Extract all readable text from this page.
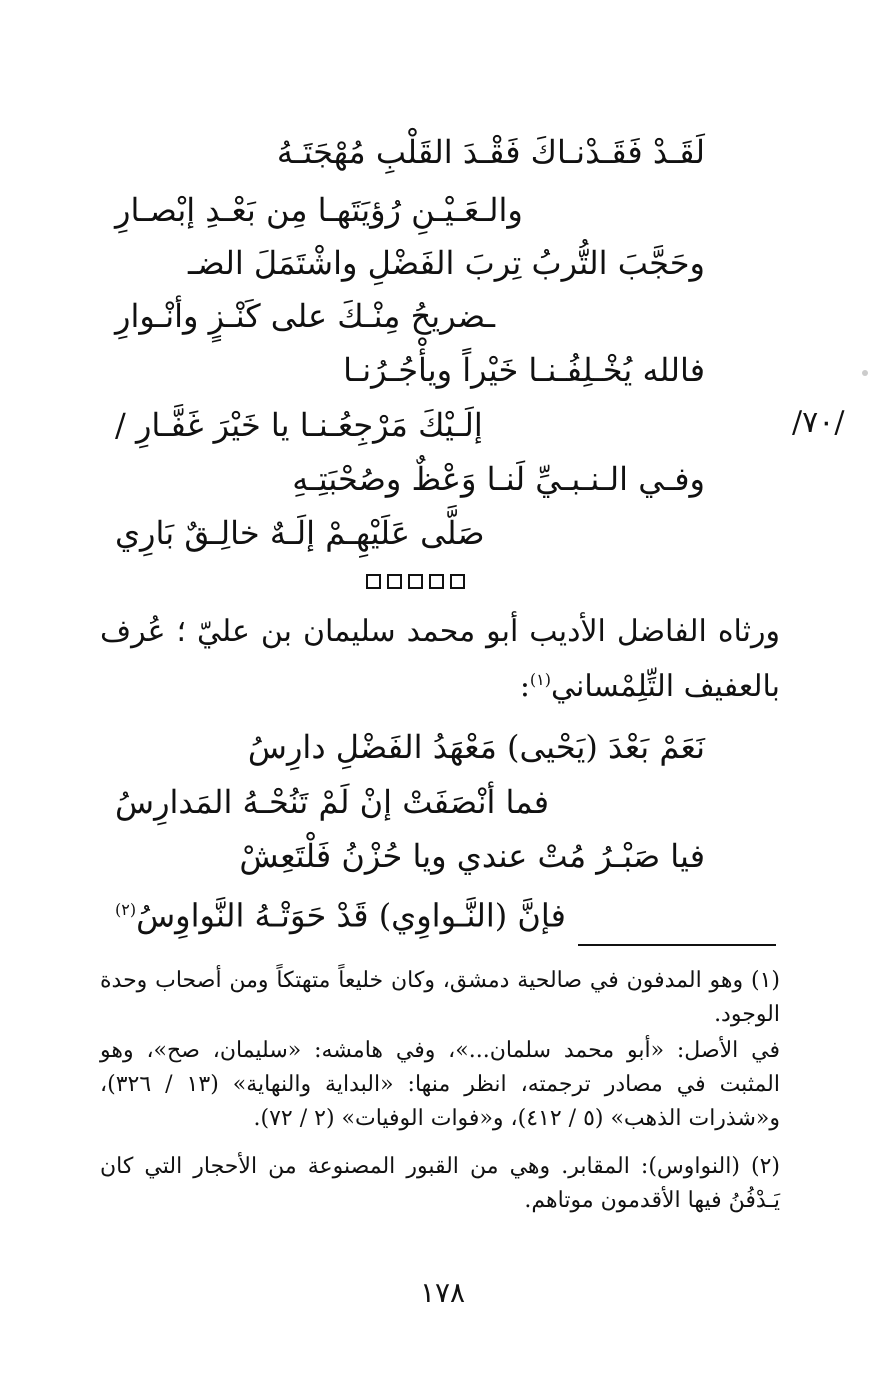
لَقَـدْ فَقَـدْنـاكَ فَقْـدَ القَلْبِ مُهْجَتَـهُ
والـعَـيْـنِ رُؤيَتَهـا مِن بَعْـدِ إبْصـارِ
وحَجَّبَ التُّربُ تِربَ الفَضْلِ واشْتَمَلَ الضـ
ـضريحُ مِنْـكَ على كَنْـزٍ وأنْـوارِ
فالله يُخْـلِفُـنـا خَيْراً ويأْجُـرُنـا
إلَـيْكَ مَرْجِعُـنـا يا خَيْرَ غَفَّـارِ /	/٧٠/
وفـي الـنـبـيِّ لَنـا وَعْظٌ وصُحْبَتِـهِ
صَلَّى عَلَيْهِـمْ إلَـهٌ خالِـقٌ بَارِي
ورثاه الفاضل الأديب أبو محمد سليمان بن عليّ ؛ عُرف بالعفيف التِّلِمْساني$^{(١)}$:
نَعَمْ بَعْدَ (يَحْيى) مَعْهَدُ الفَضْلِ دارِسُ
فما أنْصَفَتْ إنْ لَمْ تَنُحْـهُ المَدارِسُ
فيا صَبْـرُ مُتْ عندي ويا حُزْنُ فَلْتَعِشْ
فإنَّ (النَّـواوِي) قَدْ حَوَتْـهُ النَّواوِسُ$^{(٢)}$
(١) وهو المدفون في صالحية دمشق، وكان خليعاً متهتكاً ومن أصحاب وحدة الوجود.
في الأصل: «أبو محمد سلمان...»، وفي هامشه: «سليمان، صح»، وهو المثبت في مصادر ترجمته، انظر منها: «البداية والنهاية» (١٣ / ٣٢٦)، و«شذرات الذهب» (٥ / ٤١٢)، و«فوات الوفيات» (٢ / ٧٢).
(٢) (النواوس): المقابر. وهي من القبور المصنوعة من الأحجار التي كان يَـدْفُنُ فيها الأقدمون موتاهم.
١٧٨
